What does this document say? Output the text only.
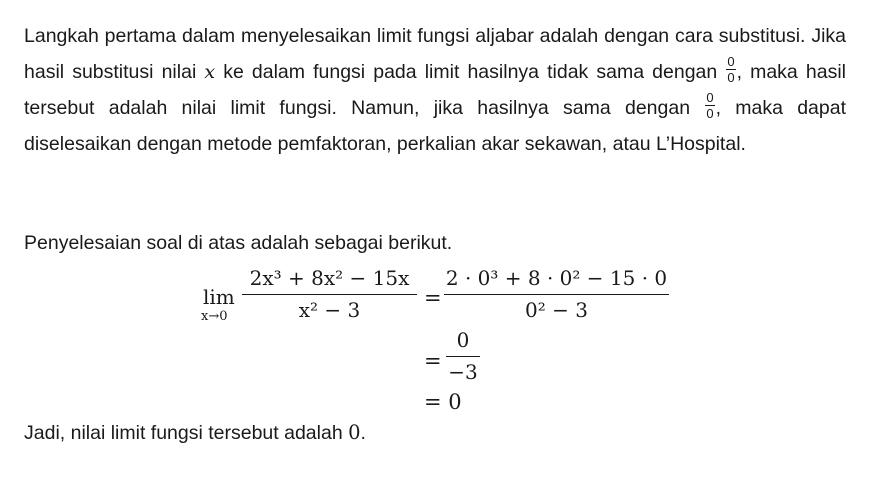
Langkah pertama dalam menyelesaikan limit fungsi aljabar adalah dengan cara substitusi. Jika hasil substitusi nilai x ke dalam fungsi pada limit hasilnya tidak sama dengan $\frac{0}{0}$ , maka hasil tersebut adalah nilai limit fungsi. Namun, jika hasilnya sama dengan $\frac{0}{0}$ , maka dapat diselesaikan dengan metode pemfaktoran, perkalian akar sekawan, atau L’Hospital.

Penyelesaian soal di atas adalah sebagai berikut.

lim
x→0
2x³ + 8x² − 15x
x² − 3
=
2 · 0³ + 8 · 0² − 15 · 0
0² − 3
=
0
−3
= 0

Jadi, nilai limit fungsi tersebut adalah 0.
